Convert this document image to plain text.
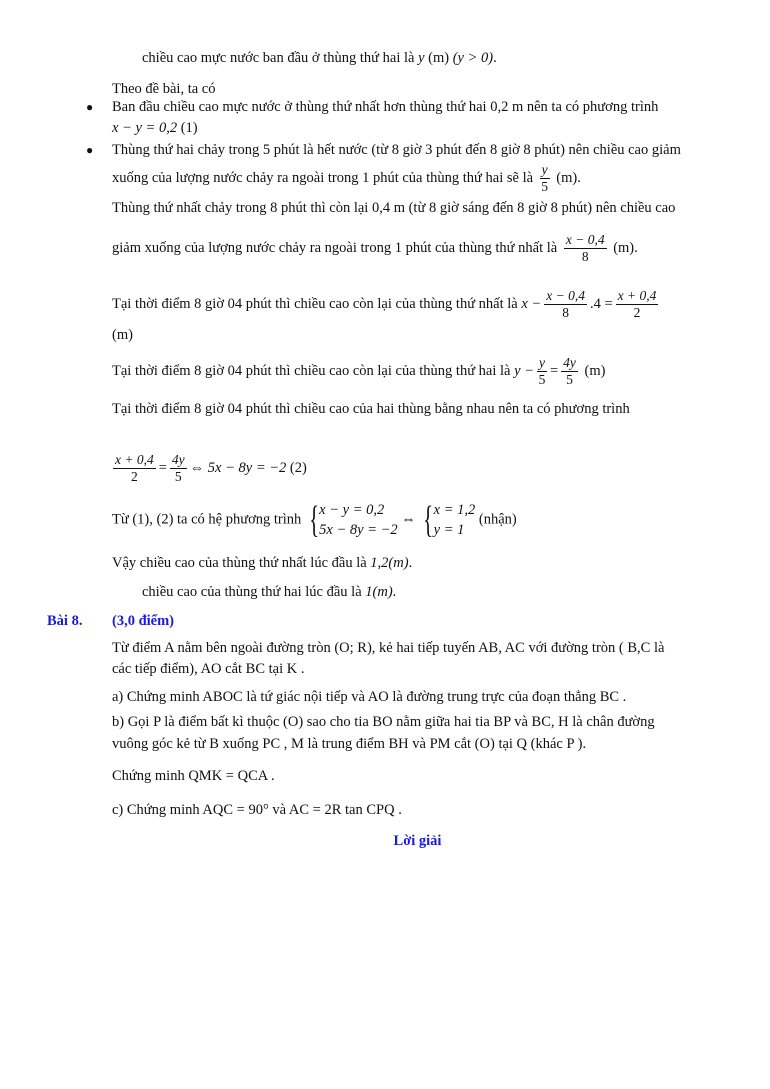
chiều cao mực nước ban đầu ở thùng thứ hai là y (m) (y > 0).
Theo đề bài, ta có
● Ban đầu chiều cao mực nước ở thùng thứ nhất hơn thùng thứ hai 0,2 m nên ta có phương trình
x − y = 0,2 (1)
● Thùng thứ hai chảy trong 5 phút là hết nước (từ 8 giờ 3 phút đến 8 giờ 8 phút) nên chiều cao giảm
xuống của lượng nước chảy ra ngoài trong 1 phút của thùng thứ hai sẽ là $\frac{y}{5} (m)$.
Thùng thứ nhất chảy trong 8 phút thì còn lại 0,4 m (từ 8 giờ sáng đến 8 giờ 8 phút) nên chiều cao
giảm xuống của lượng nước chảy ra ngoài trong 1 phút của thùng thứ nhất là $\frac{x - 0,4}{8} (m)$.
Tại thời điểm 8 giờ 04 phút thì chiều cao còn lại của thùng thứ nhất là $x - \frac{x - 0,4}{8} .4 = \frac{x + 0,4}{2}$
(m)
Tại thời điểm 8 giờ 04 phút thì chiều cao còn lại của thùng thứ hai là $y - \frac{y}{5} = \frac{4y}{5} (m)$
Tại thời điểm 8 giờ 04 phút thì chiều cao của hai thùng bằng nhau nên ta có phương trình
$\frac{x + 0,4}{2} = \frac{4y}{5}$ ⇔ 5x − 8y = −2 (2)
Từ (1), (2) ta có hệ phương trình { x − y = 0,2
5x − 8y = −2
⇔ { x = 1,2
y = 1
(nhận)
Vậy chiều cao của thùng thứ nhất lúc đầu là 1,2(m).
chiều cao của thùng thứ hai lúc đầu là 1(m).
Bài 8. (3,0 điểm)
Từ điểm A nằm bên ngoài đường tròn (O; R), kẻ hai tiếp tuyến AB, AC với đường tròn ( B,C là
các tiếp điểm), AO cắt BC tại K .
a) Chứng minh ABOC là tứ giác nội tiếp và AO là đường trung trực của đoạn thẳng BC .
b) Gọi P là điểm bất kì thuộc (O) sao cho tia BO nằm giữa hai tia BP và BC, H là chân đường
vuông góc kẻ từ B xuống PC , M là trung điểm BH và PM cắt (O) tại Q (khác P ).
Chứng minh QMK = QCA .
c) Chứng minh AQC = 90° và AC = 2R tan CPQ .
Lời giải
